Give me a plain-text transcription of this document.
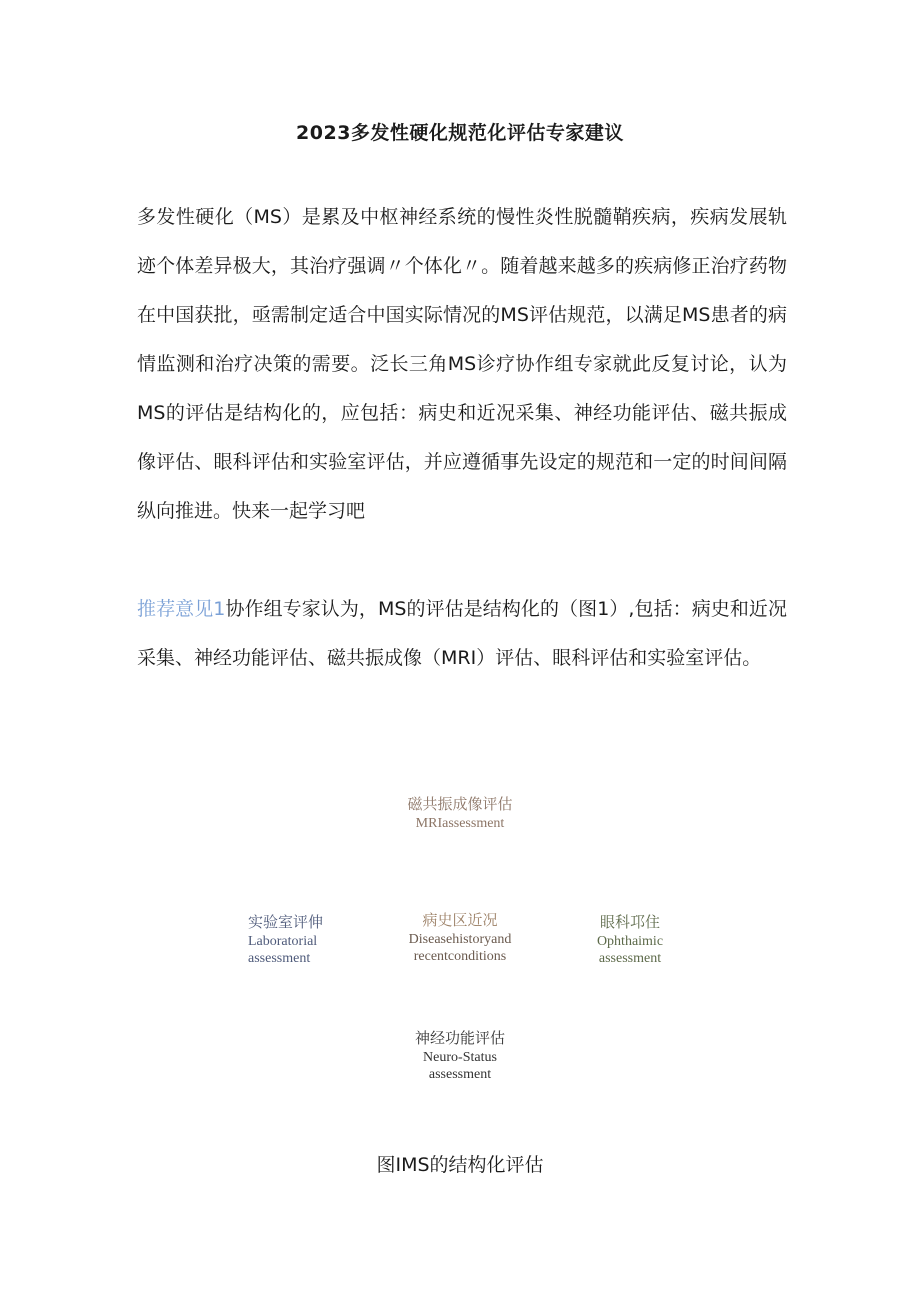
2023多发性硬化规范化评估专家建议

多发性硬化（MS）是累及中枢神经系统的慢性炎性脱髓鞘疾病，疾病发展轨迹个体差异极大，其治疗强调〃个体化〃。随着越来越多的疾病修正治疗药物在中国获批，亟需制定适合中国实际情况的MS评估规范，以满足MS患者的病情监测和治疗决策的需要。泛长三角MS诊疗协作组专家就此反复讨论，认为MS的评估是结构化的，应包括：病史和近况采集、神经功能评估、磁共振成像评估、眼科评估和实验室评估，并应遵循事先设定的规范和一定的时间间隔纵向推进。快来一起学习吧

推荐意见1协作组专家认为，MS的评估是结构化的（图1）,包括：病史和近况采集、神经功能评估、磁共振成像（MRI）评估、眼科评估和实验室评估。

磁共振成像评估
MRIassessment
实验室评伸
Laboratorial
assessment
病史区近况
Diseasehistoryand
recentconditions
眼科邛住
Ophthaimic
assessment
神经功能评估
Neuro-Status
assessment
图IMS的结构化评估
